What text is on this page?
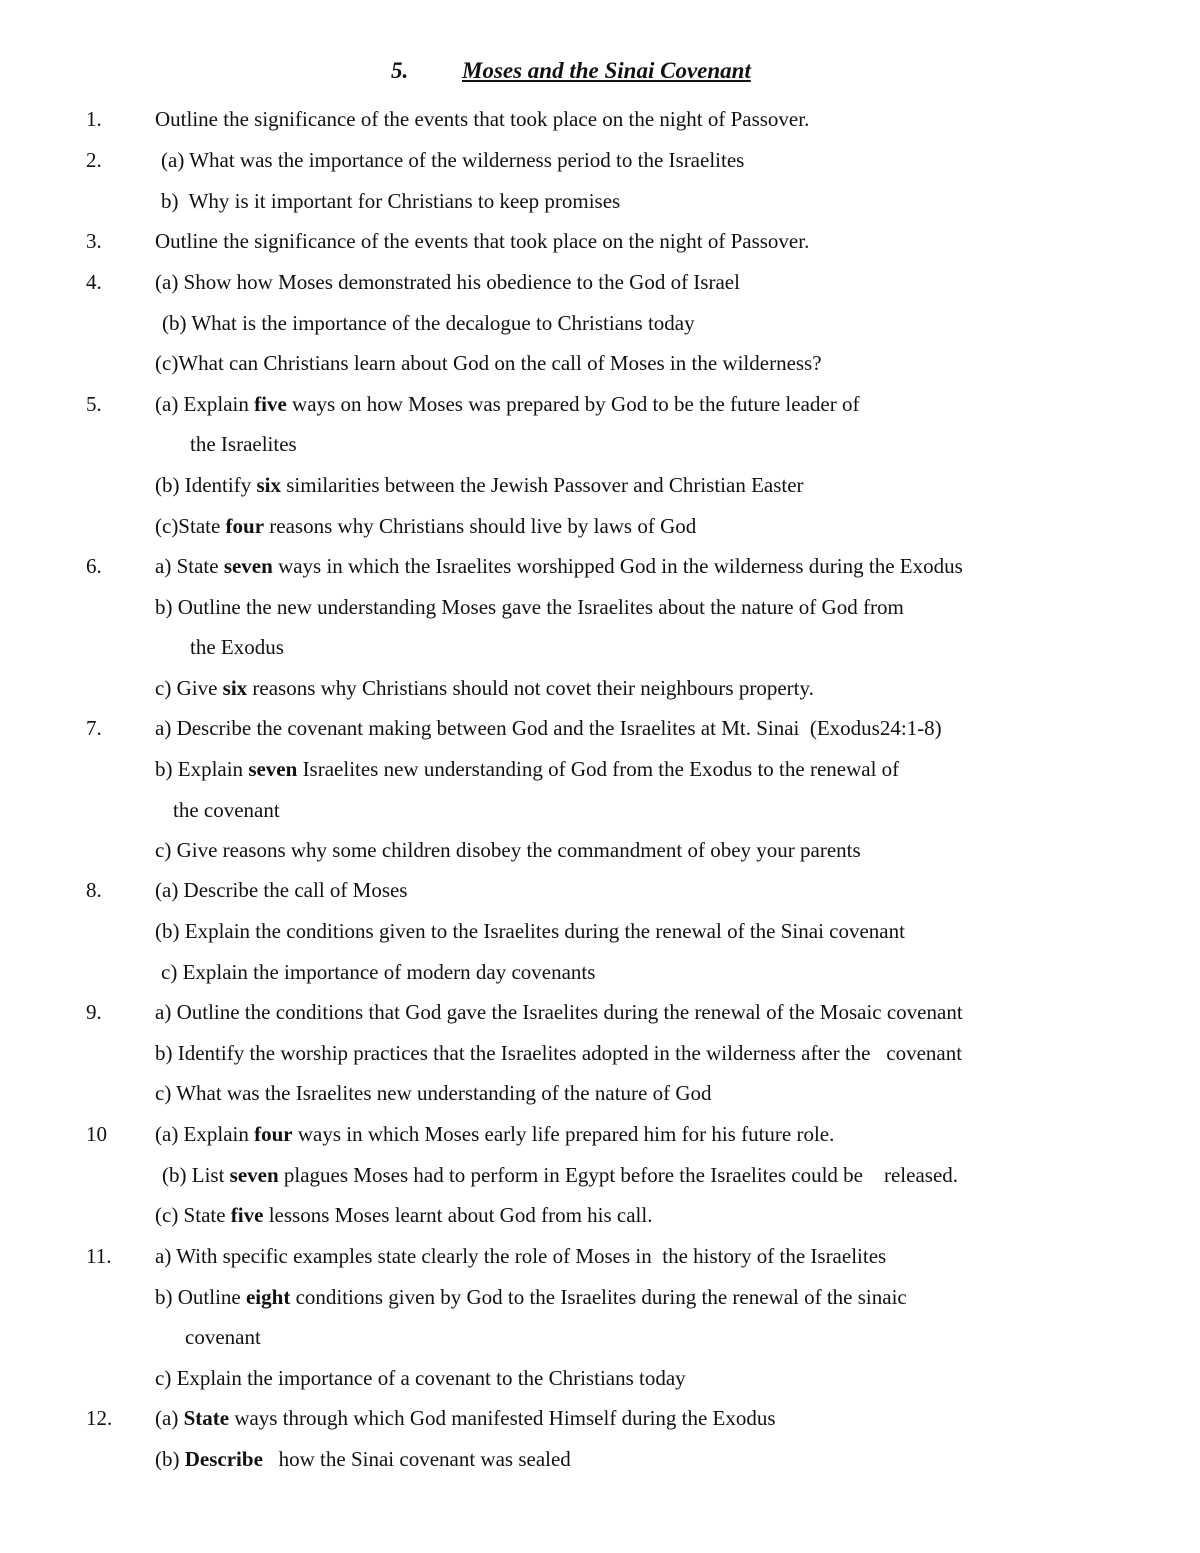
5. Moses and the Sinai Covenant
1.	Outline the significance of the events that took place on the night of Passover.
2.	(a) What was the importance of the wilderness period to the Israelites
b)  Why is it important for Christians to keep promises
3.	Outline the significance of the events that took place on the night of Passover.
4.	(a) Show how Moses demonstrated his obedience to the God of Israel
(b) What is the importance of the decalogue to Christians today
(c)What can Christians learn about God on the call of Moses in the wilderness?
5.	(a) Explain five ways on how Moses was prepared by God to be the future leader of
the Israelites
(b) Identify six similarities between the Jewish Passover and Christian Easter
(c)State four reasons why Christians should live by laws of God
6.	a) State seven ways in which the Israelites worshipped God in the wilderness during the Exodus
b) Outline the new understanding Moses gave the Israelites about the nature of God from
the Exodus
c) Give six reasons why Christians should not covet their neighbours property.
7.	a) Describe the covenant making between God and the Israelites at Mt. Sinai  (Exodus24:1-8)
b) Explain seven Israelites new understanding of God from the Exodus to the renewal of
the covenant
c) Give reasons why some children disobey the commandment of obey your parents
8.	(a) Describe the call of Moses
(b) Explain the conditions given to the Israelites during the renewal of the Sinai covenant
c) Explain the importance of modern day covenants
9.	a) Outline the conditions that God gave the Israelites during the renewal of the Mosaic covenant
b) Identify the worship practices that the Israelites adopted in the wilderness after the   covenant
c) What was the Israelites new understanding of the nature of God
10 (a) Explain four ways in which Moses early life prepared him for his future role.
(b) List seven plagues Moses had to perform in Egypt before the Israelites could be    released.
(c) State five lessons Moses learnt about God from his call.
11. a) With specific examples state clearly the role of Moses in  the history of the Israelites
b) Outline eight conditions given by God to the Israelites during the renewal of the sinaic
covenant
c) Explain the importance of a covenant to the Christians today
12. (a) State ways through which God manifested Himself during the Exodus
(b) Describe   how the Sinai covenant was sealed
